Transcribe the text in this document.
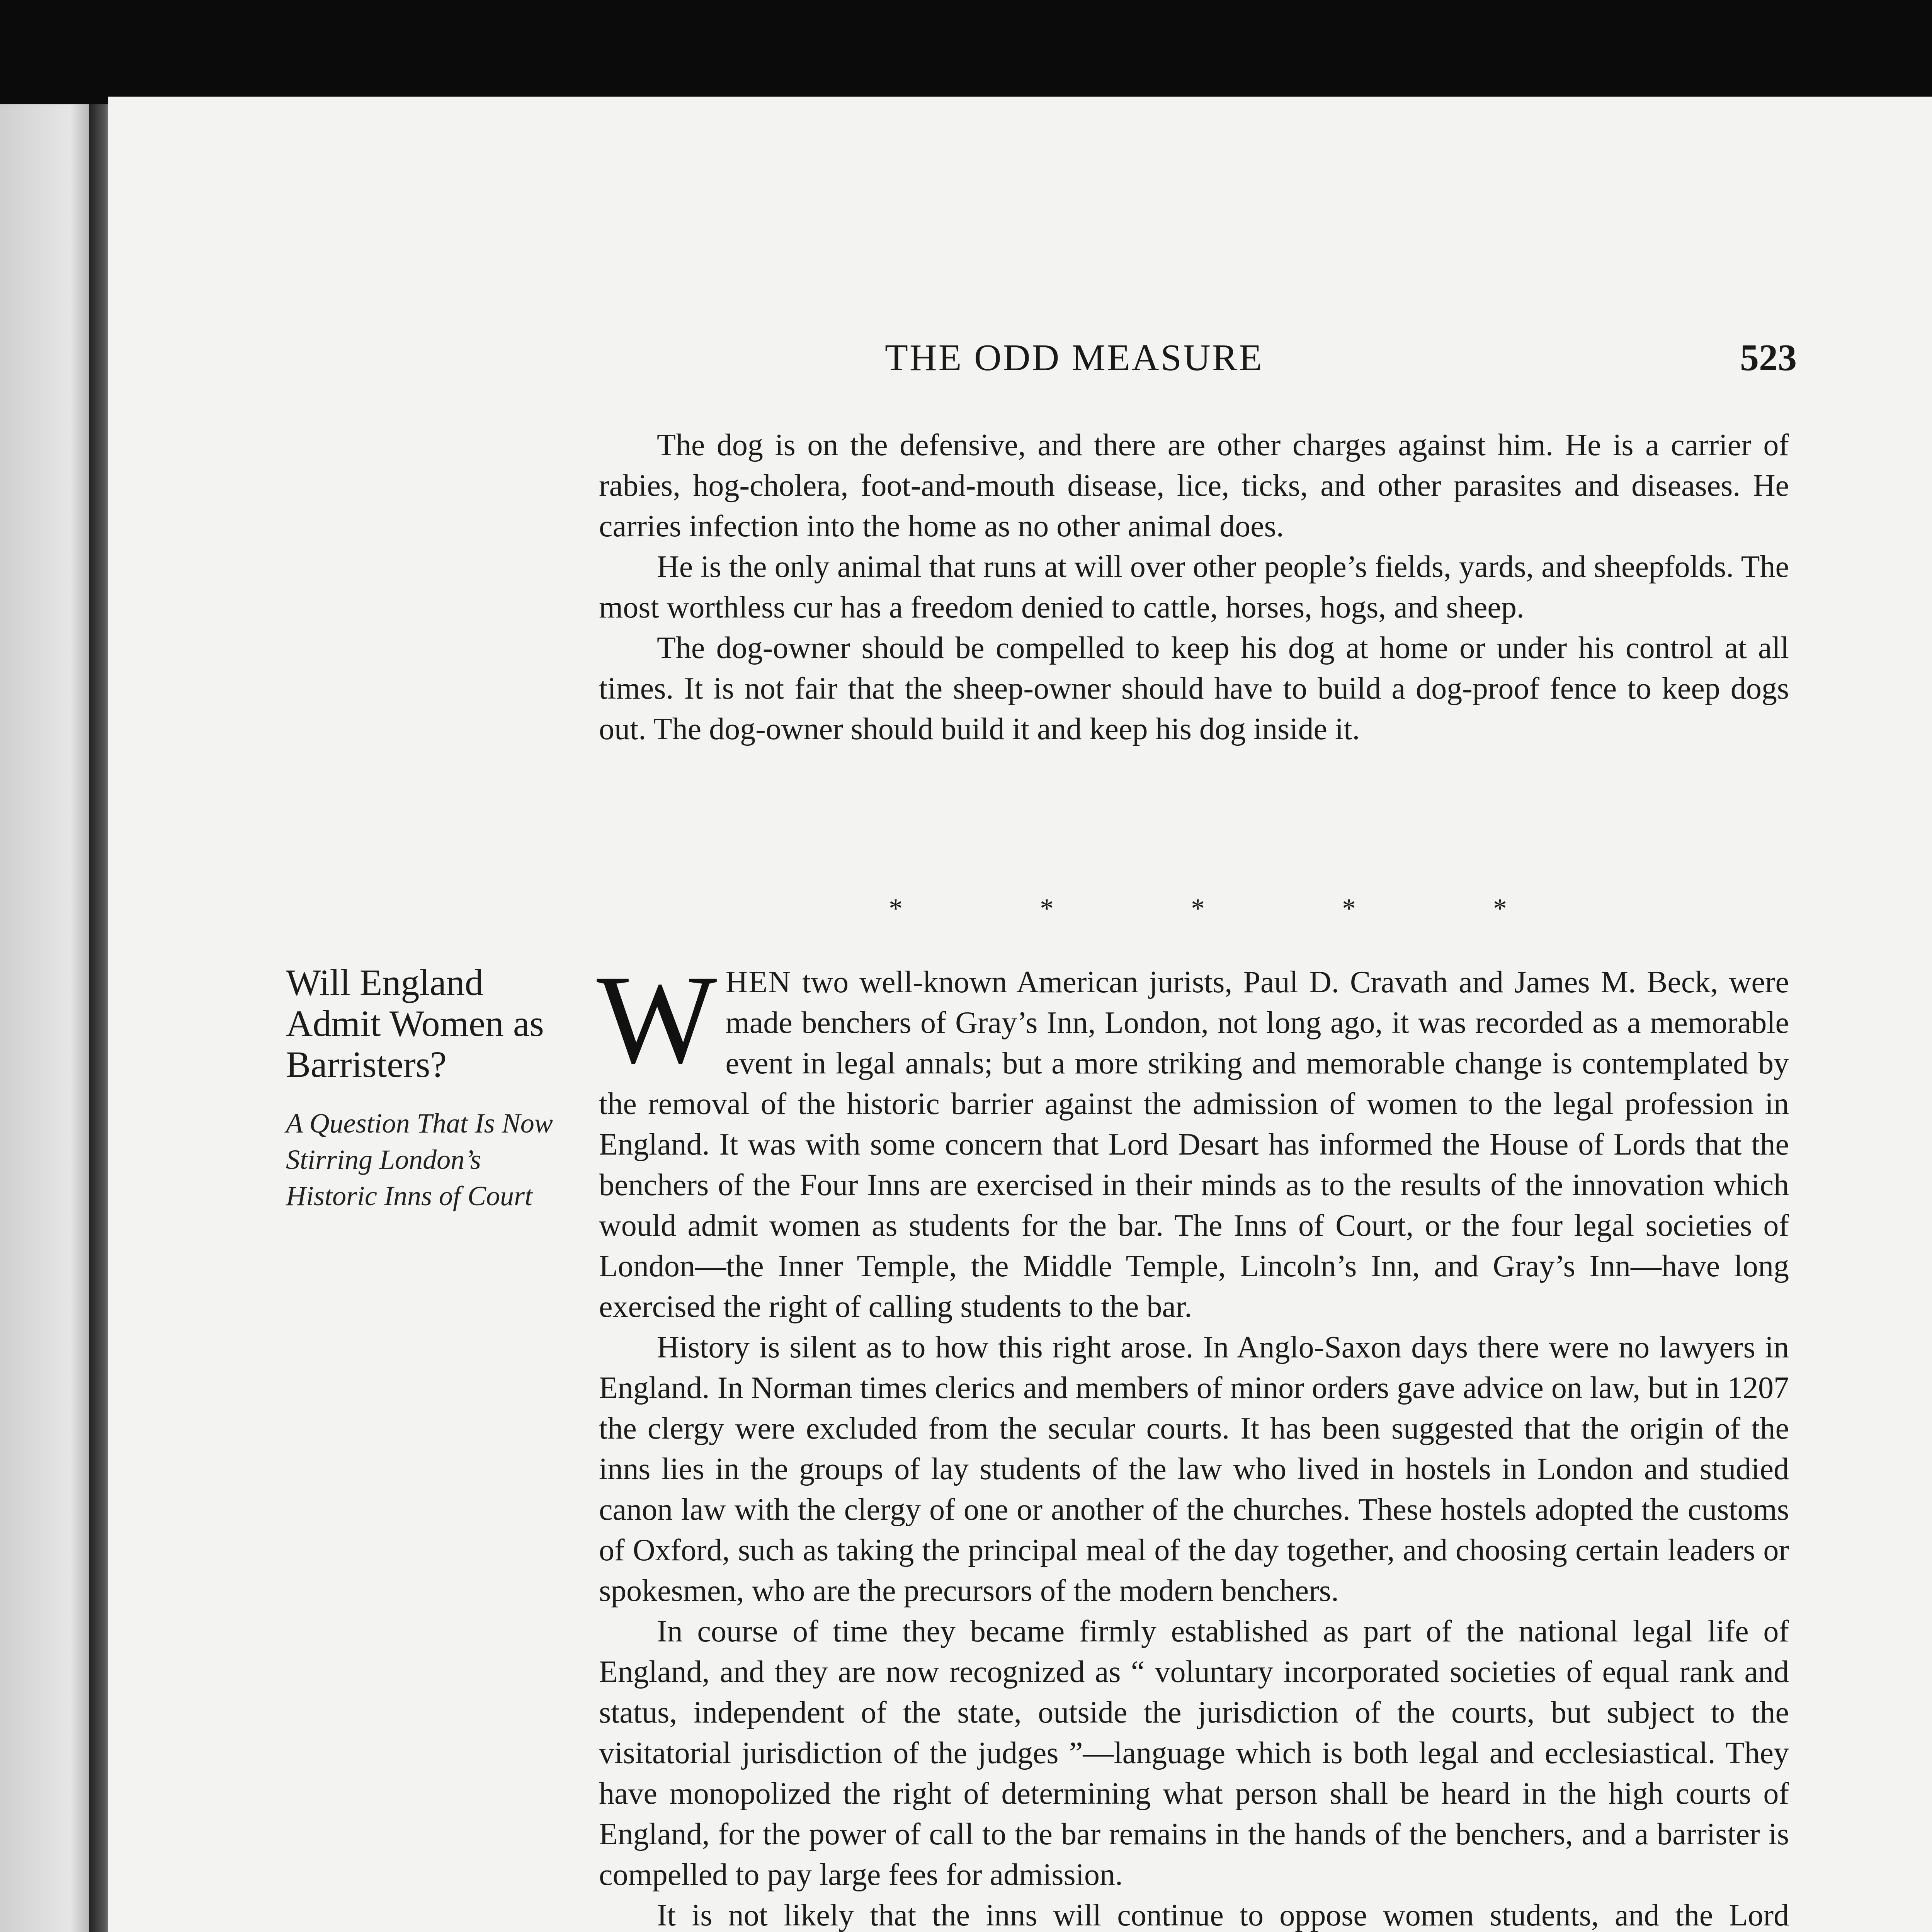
THE ODD MEASURE	523

The dog is on the defensive, and there are other charges against him. He is a carrier of rabies, hog-cholera, foot-and-mouth disease, lice, ticks, and other parasites and diseases. He carries infection into the home as no other animal does.

He is the only animal that runs at will over other people’s fields, yards, and sheepfolds. The most worthless cur has a freedom denied to cattle, horses, hogs, and sheep.

The dog-owner should be compelled to keep his dog at home or under his control at all times. It is not fair that the sheep-owner should have to build a dog-proof fence to keep dogs out. The dog-owner should build it and keep his dog inside it.

*	*	*	*	*
Will England Admit Women as Barristers?
A Question That Is Now Stirring London’s Historic Inns of Court

WHEN two well-known American jurists, Paul D. Cravath and James M. Beck, were made benchers of Gray’s Inn, London, not long ago, it was recorded as a memorable event in legal annals; but a more striking and memorable change is contemplated by the removal of the historic barrier against the admission of women to the legal profession in England. It was with some concern that Lord Desart has informed the House of Lords that the benchers of the Four Inns are exercised in their minds as to the results of the innovation which would admit women as students for the bar. The Inns of Court, or the four legal societies of London—the Inner Temple, the Middle Temple, Lincoln’s Inn, and Gray’s Inn—have long exercised the right of calling students to the bar.

History is silent as to how this right arose. In Anglo-Saxon days there were no lawyers in England. In Norman times clerics and members of minor orders gave advice on law, but in 1207 the clergy were excluded from the secular courts. It has been suggested that the origin of the inns lies in the groups of lay students of the law who lived in hostels in London and studied canon law with the clergy of one or another of the churches. These hostels adopted the customs of Oxford, such as taking the principal meal of the day together, and choosing certain leaders or spokesmen, who are the precursors of the modern benchers.

In course of time they became firmly established as part of the national legal life of England, and they are now recognized as “ voluntary incorporated societies of equal rank and status, independent of the state, outside the jurisdiction of the courts, but subject to the visitatorial jurisdiction of the judges ”—language which is both legal and ecclesiastical. They have monopolized the right of determining what person shall be heard in the high courts of England, for the power of call to the bar remains in the hands of the benchers, and a barrister is compelled to pay large fees for admission.

It is not likely that the inns will continue to oppose women students, and the Lord
